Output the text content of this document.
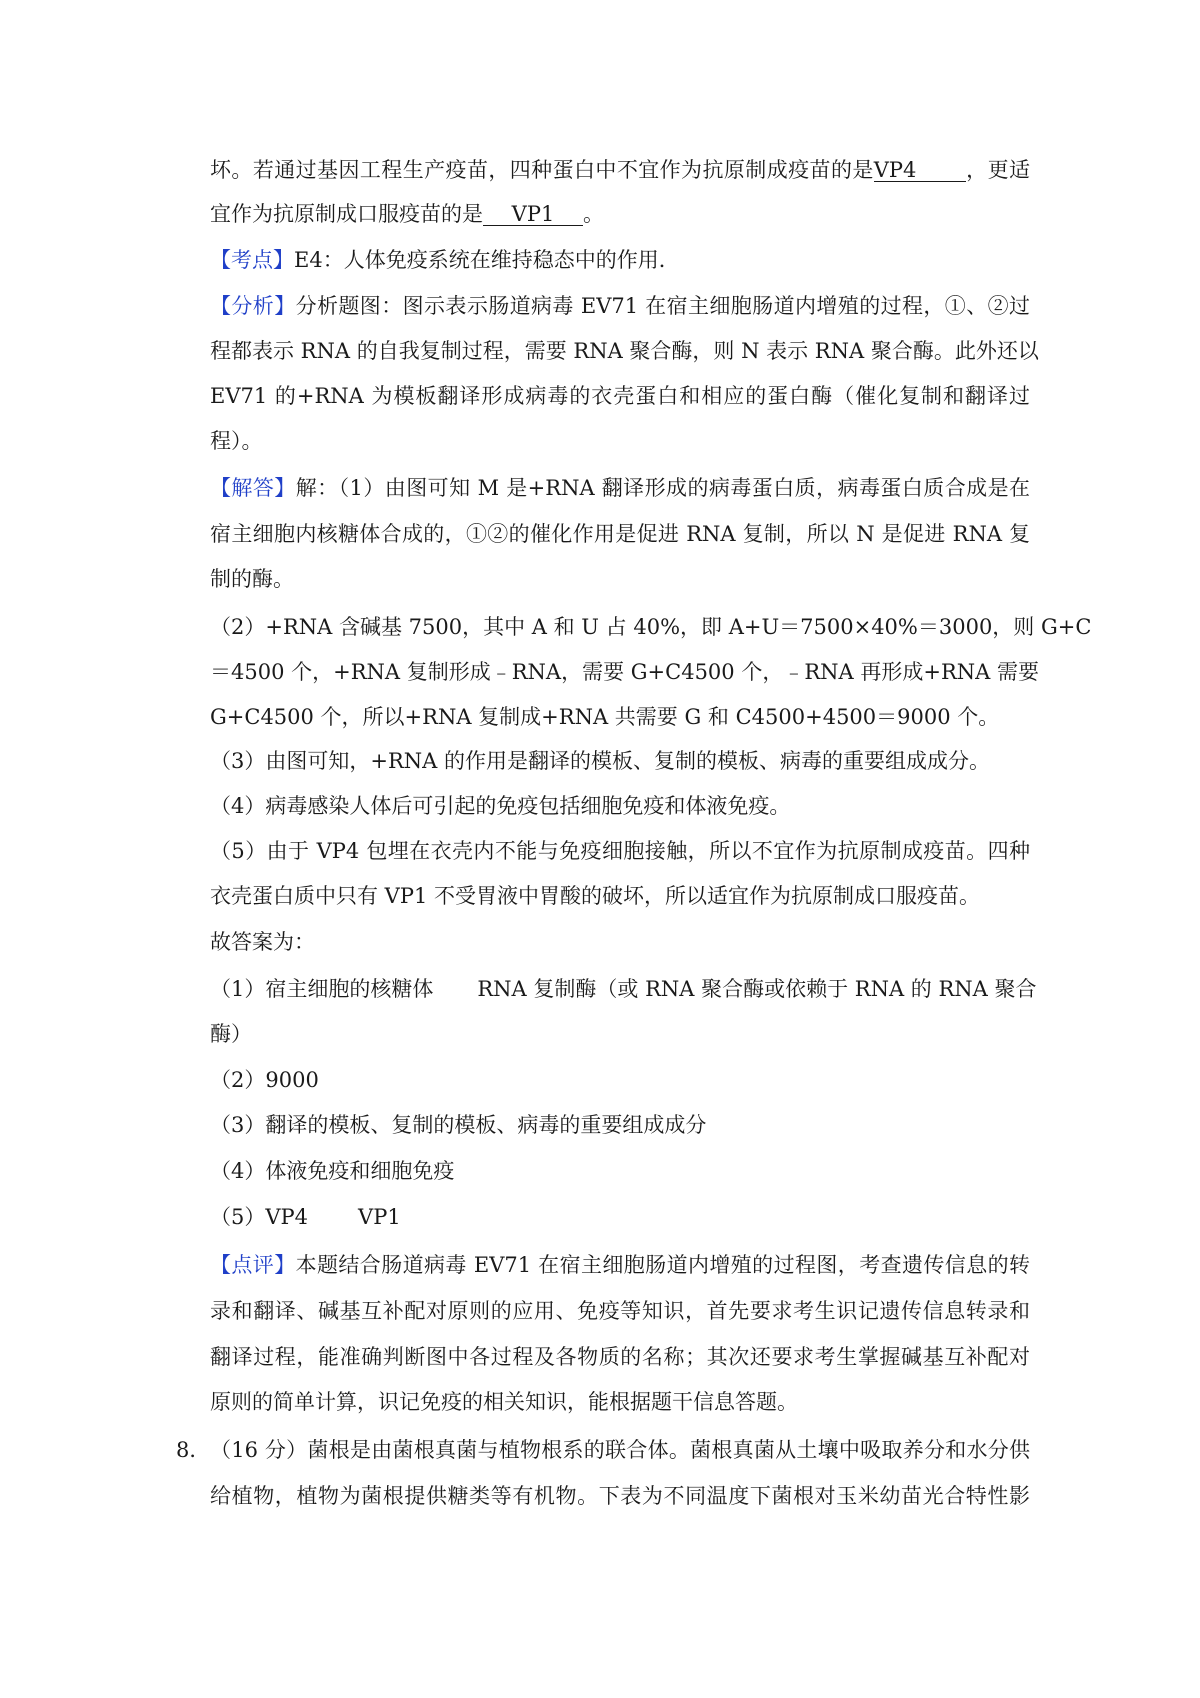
坏。若通过基因工程生产疫苗，四种蛋白中不宜作为抗原制成疫苗的是VP4 ，更适
宜作为抗原制成口服疫苗的是 VP1 。
【考点】E4：人体免疫系统在维持稳态中的作用．
【分析】分析题图：图示表示肠道病毒 EV71 在宿主细胞肠道内增殖的过程，①、②过
程都表示 RNA 的自我复制过程，需要 RNA 聚合酶，则 N 表示 RNA 聚合酶。此外还以
EV71 的+RNA 为模板翻译形成病毒的衣壳蛋白和相应的蛋白酶（催化复制和翻译过
程）。
【解答】解：（1）由图可知 M 是+RNA 翻译形成的病毒蛋白质，病毒蛋白质合成是在
宿主细胞内核糖体合成的，①②的催化作用是促进 RNA 复制，所以 N 是促进 RNA 复
制的酶。
（2）+RNA 含碱基 7500，其中 A 和 U 占 40%，即 A+U＝7500×40%＝3000，则 G+C
＝4500 个，+RNA 复制形成﹣RNA，需要 G+C4500 个，﹣RNA 再形成+RNA 需要
G+C4500 个，所以+RNA 复制成+RNA 共需要 G 和 C4500+4500＝9000 个。
（3）由图可知，+RNA 的作用是翻译的模板、复制的模板、病毒的重要组成成分。
（4）病毒感染人体后可引起的免疫包括细胞免疫和体液免疫。
（5）由于 VP4 包埋在衣壳内不能与免疫细胞接触，所以不宜作为抗原制成疫苗。四种
衣壳蛋白质中只有 VP1 不受胃液中胃酸的破坏，所以适宜作为抗原制成口服疫苗。
故答案为：
（1）宿主细胞的核糖体 RNA 复制酶（或 RNA 聚合酶或依赖于 RNA 的 RNA 聚合
酶）
（2）9000
（3）翻译的模板、复制的模板、病毒的重要组成成分
（4）体液免疫和细胞免疫
（5）VP4 VP1
【点评】本题结合肠道病毒 EV71 在宿主细胞肠道内增殖的过程图，考查遗传信息的转
录和翻译、碱基互补配对原则的应用、免疫等知识，首先要求考生识记遗传信息转录和
翻译过程，能准确判断图中各过程及各物质的名称；其次还要求考生掌握碱基互补配对
原则的简单计算，识记免疫的相关知识，能根据题干信息答题。
8． （16 分）菌根是由菌根真菌与植物根系的联合体。菌根真菌从土壤中吸取养分和水分供
给植物，植物为菌根提供糖类等有机物。下表为不同温度下菌根对玉米幼苗光合特性影
